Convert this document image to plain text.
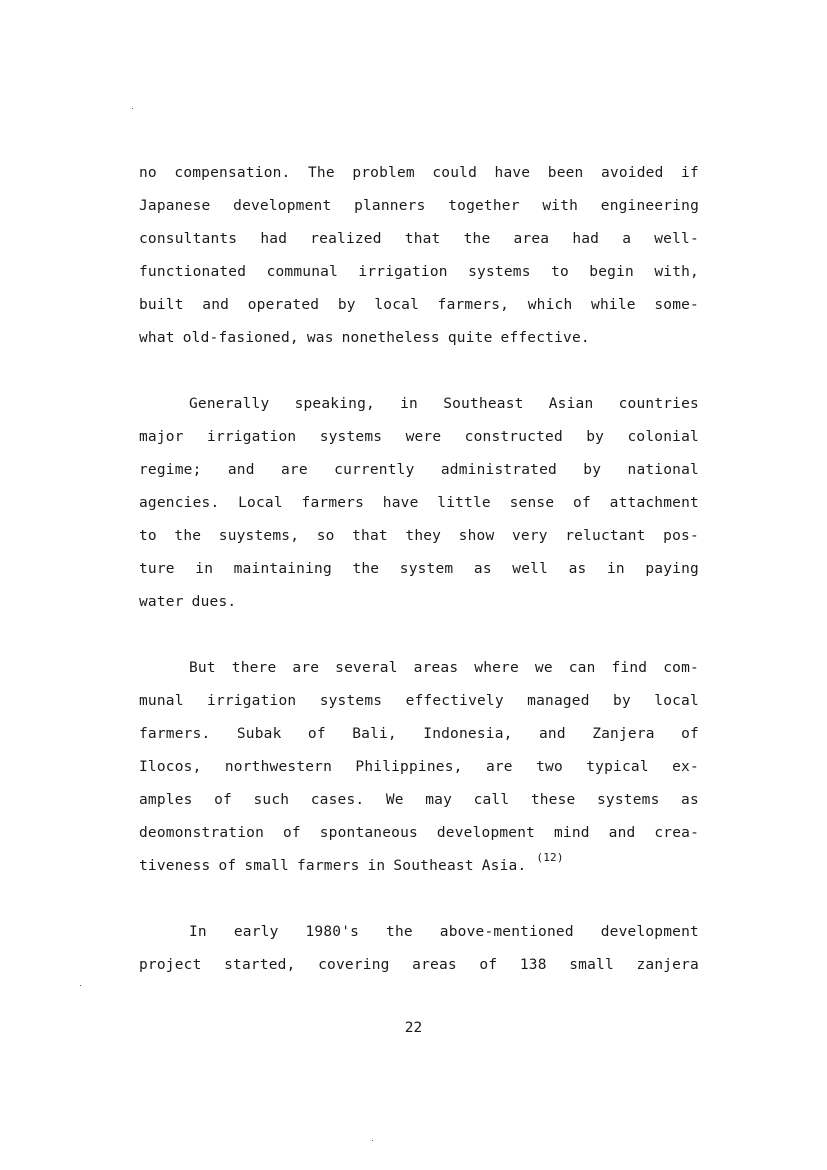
no compensation. The problem could have been avoided if
Japanese development planners together with engineering
consultants had realized that the area had a well-
functionated communal irrigation systems to begin with,
built and operated by local farmers, which while some-
what old-fasioned, was nonetheless quite effective.
Generally speaking, in Southeast Asian countries
major irrigation systems were constructed by colonial
regime; and are currently administrated by national
agencies. Local farmers have little sense of attachment
to the suystems, so that they show very reluctant pos-
ture in maintaining the system as well as in paying
water dues.
But there are several areas where we can find com-
munal irrigation systems effectively managed by local
farmers. Subak of Bali, Indonesia, and Zanjera of
Ilocos, northwestern Philippines, are two typical ex-
amples of such cases. We may call these systems as
deomonstration of spontaneous development mind and crea-
tiveness of small farmers in Southeast Asia.
(12)
In early 1980's the above-mentioned development
project started, covering areas of 138 small zanjera
22
